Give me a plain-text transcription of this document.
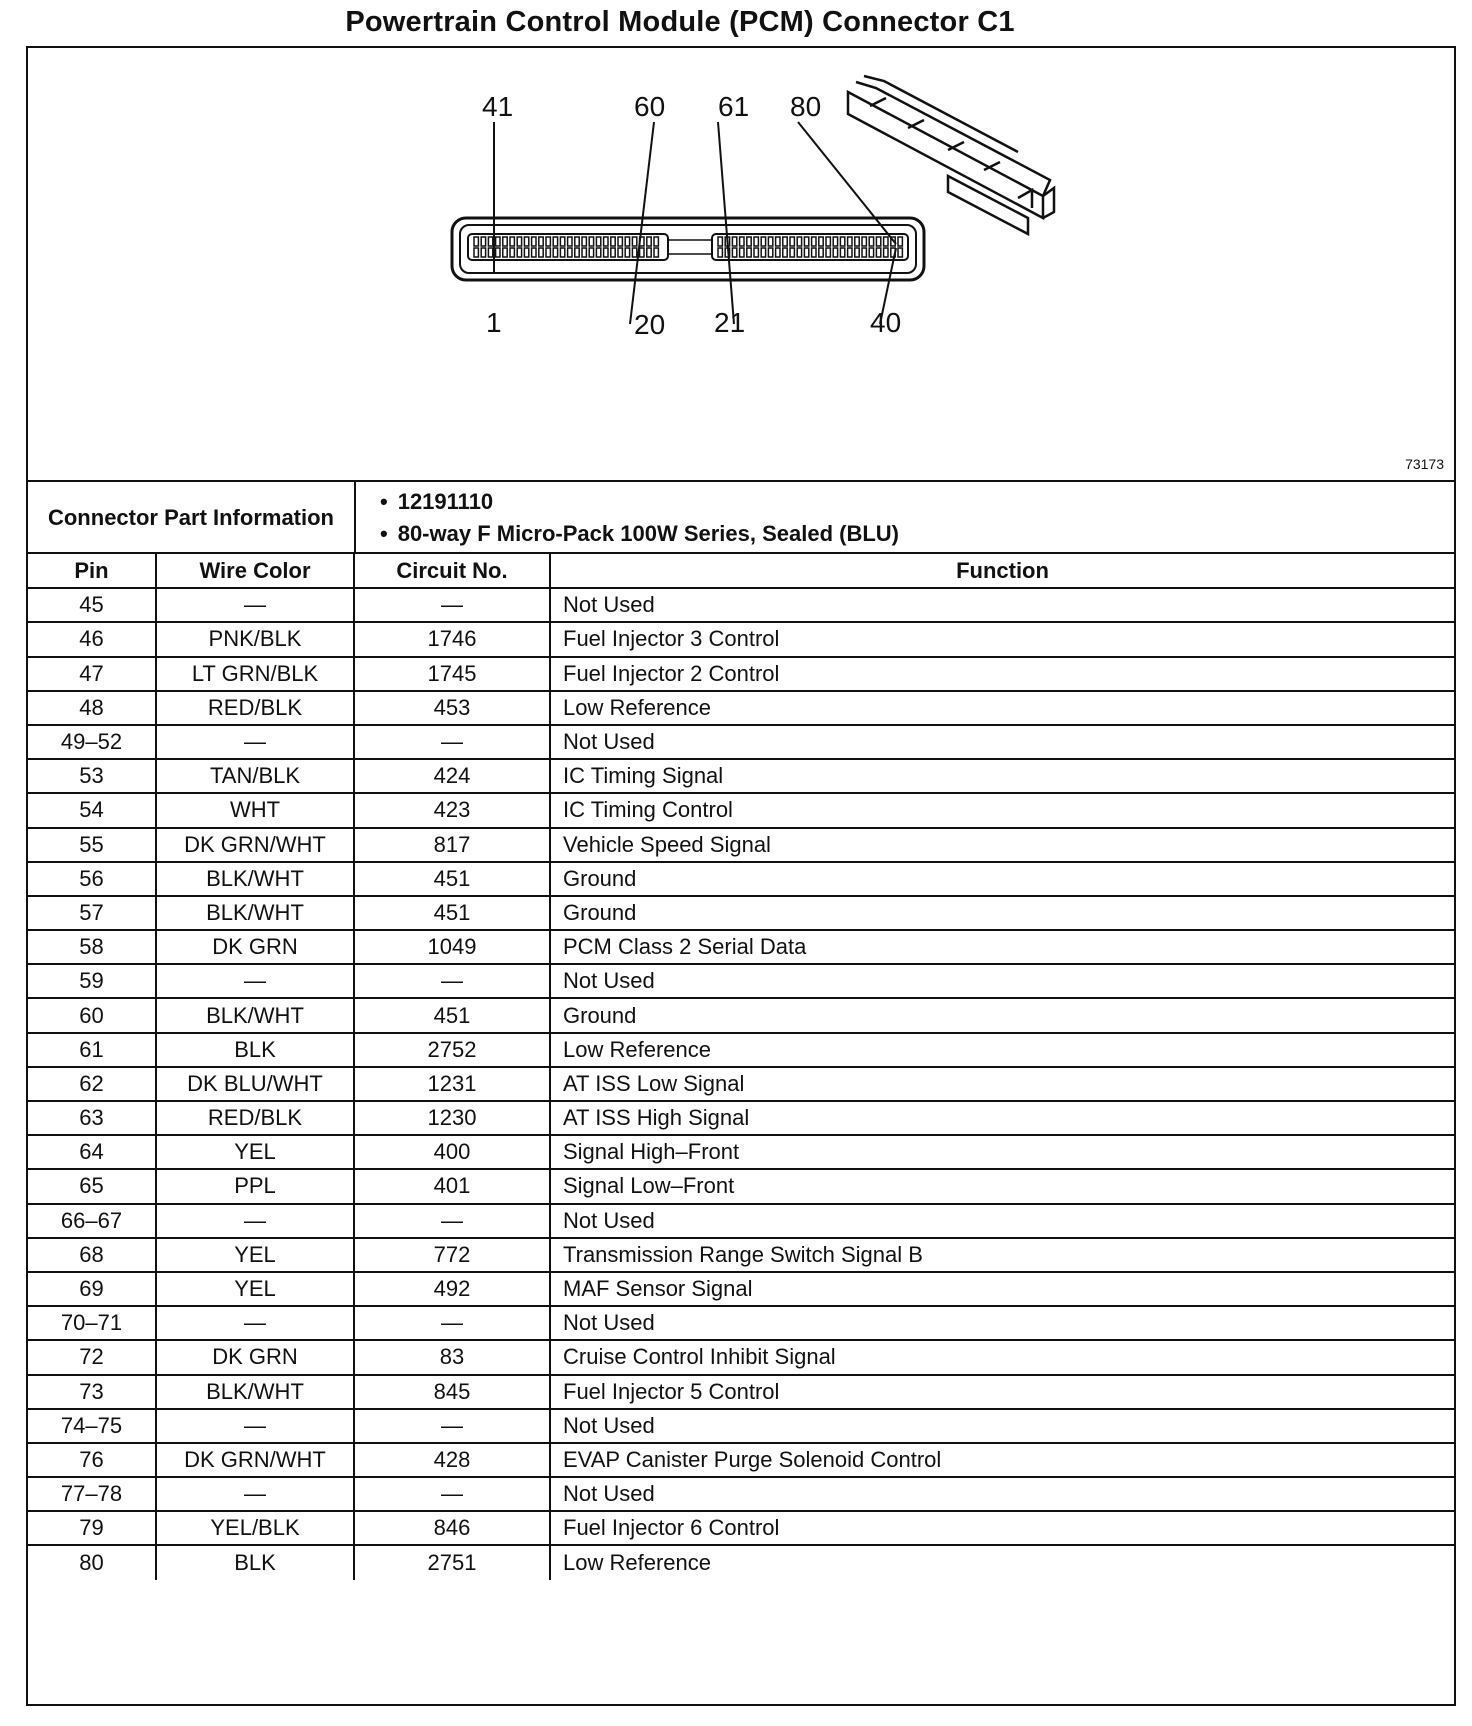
Powertrain Control Module (PCM) Connector C1
41	60 61 80
1	20 21	40
73173
Connector Part Information
• 12191110
• 80-way F Micro-Pack 100W Series, Sealed (BLU)
Pin	Wire Color	Circuit No.	Function
45	—	—	Not Used
46	PNK/BLK	1746	Fuel Injector 3 Control
47	LT GRN/BLK	1745	Fuel Injector 2 Control
48	RED/BLK	453	Low Reference
49–52	—	—	Not Used
53	TAN/BLK	424	IC Timing Signal
54	WHT	423	IC Timing Control
55	DK GRN/WHT	817	Vehicle Speed Signal
56	BLK/WHT	451	Ground
57	BLK/WHT	451	Ground
58	DK GRN	1049	PCM Class 2 Serial Data
59	—	—	Not Used
60	BLK/WHT	451	Ground
61	BLK	2752	Low Reference
62	DK BLU/WHT	1231	AT ISS Low Signal
63	RED/BLK	1230	AT ISS High Signal
64	YEL	400	Signal High–Front
65	PPL	401	Signal Low–Front
66–67	—	—	Not Used
68	YEL	772	Transmission Range Switch Signal B
69	YEL	492	MAF Sensor Signal
70–71	—	—	Not Used
72	DK GRN	83	Cruise Control Inhibit Signal
73	BLK/WHT	845	Fuel Injector 5 Control
74–75	—	—	Not Used
76	DK GRN/WHT	428	EVAP Canister Purge Solenoid Control
77–78	—	—	Not Used
79	YEL/BLK	846	Fuel Injector 6 Control
80	BLK	2751	Low Reference
